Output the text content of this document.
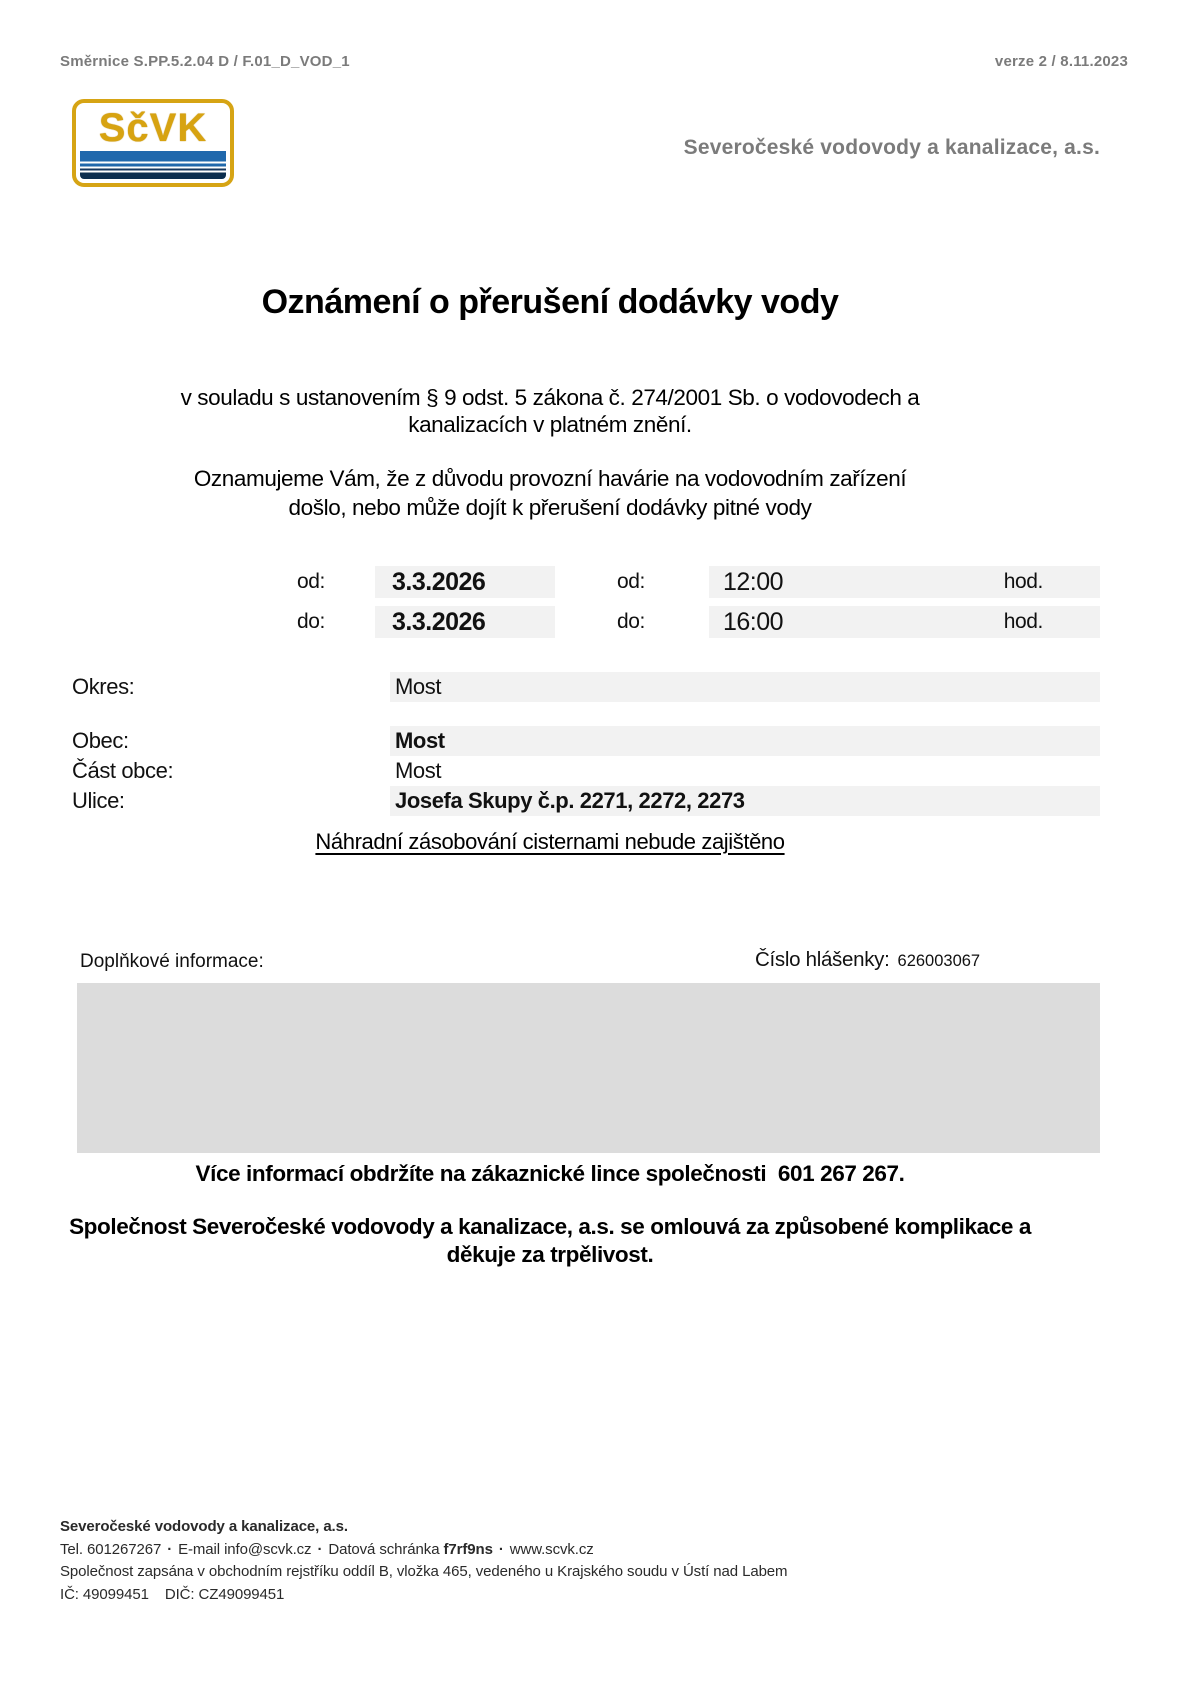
Směrnice S.PP.5.2.04 D / F.01_D_VOD_1	verze 2 / 8.11.2023
SčVK	Severočeské vodovody a kanalizace, a.s.
Oznámení o přerušení dodávky vody
v souladu s ustanovením § 9 odst. 5 zákona č. 274/2001 Sb. o vodovodech a
kanalizacích v platném znění.
Oznamujeme Vám, že z důvodu provozní havárie na vodovodním zařízení
došlo, nebo může dojít k přerušení dodávky pitné vody
od:	3.3.2026	od:	12:00	hod.
do:	3.3.2026	do:	16:00	hod.
Okres:	Most
Obec:	Most
Část obce:	Most
Ulice:	Josefa Skupy č.p. 2271, 2272, 2273
Náhradní zásobování cisternami nebude zajištěno
Doplňkové informace:	Číslo hlášenky: 626003067
Více informací obdržíte na zákaznické lince společnosti  601 267 267.
Společnost Severočeské vodovody a kanalizace, a.s. se omlouvá za způsobené komplikace a
děkuje za trpělivost.
Severočeské vodovody a kanalizace, a.s.
Tel. 601267267 · E-mail info@scvk.cz · Datová schránka f7rf9ns · www.scvk.cz
Společnost zapsána v obchodním rejstříku oddíl B, vložka 465, vedeného u Krajského soudu v Ústí nad Labem
IČ: 49099451 DIČ: CZ49099451
